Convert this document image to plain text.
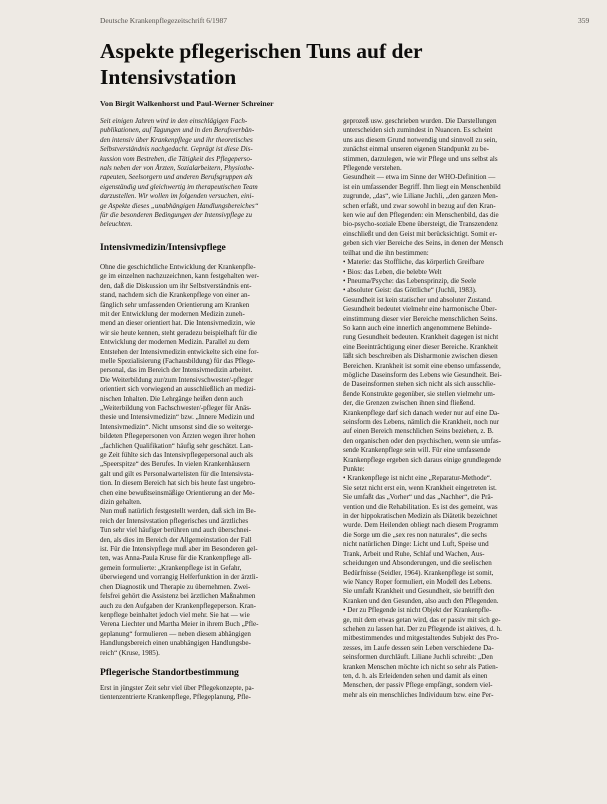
Deutsche Krankenpflegezeitschrift 6/1987	359
Aspekte pflegerischen Tuns auf der
Intensivstation
Von Birgit Walkenhorst und Paul-Werner Schreiner

Seit einigen Jahren wird in den einschlägigen Fach-
publikationen, auf Tagungen und in den Berufsverbän-
den intensiv über Krankenpflege und ihr theoretisches
Selbstverständnis nachgedacht. Geprägt ist diese Dis-
kussion vom Bestreben, die Tätigkeit des Pflegeperso-
nals neben der von Ärzten, Sozialarbeitern, Physiothe-
rapeuten, Seelsorgern und anderen Berufsgruppen als
eigenständig und gleichwertig im therapeutischen Team
darzustellen. Wir wollen im folgenden versuchen, eini-
ge Aspekte dieses „unabhängigen Handlungsbereiches“
für die besonderen Bedingungen der Intensivpflege zu
beleuchten.

Intensivmedizin/Intensivpflege

Ohne die geschichtliche Entwicklung der Krankenpfle-
ge im einzelnen nachzuzeichnen, kann festgehalten wer-
den, daß die Diskussion um ihr Selbstverständnis ent-
stand, nachdem sich die Krankenpflege von einer an-
fänglich sehr umfassenden Orientierung am Kranken
mit der Entwicklung der modernen Medizin zuneh-
mend an dieser orientiert hat. Die Intensivmedizin, wie
wir sie heute kennen, steht geradezu beispielhaft für die
Entwicklung der modernen Medizin. Parallel zu dem
Entstehen der Intensivmedizin entwickelte sich eine for-
melle Spezialisierung (Fachausbildung) für das Pflege-
personal, das im Bereich der Intensivmedizin arbeitet.
Die Weiterbildung zur/zum Intensivschwester/-pfleger
orientiert sich vorwiegend an ausschließlich an medizi-
nischen Inhalten. Die Lehrgänge heißen denn auch
„Weiterbildung von Fachschwester/-pfleger für Anäs-
thesie und Intensivmedizin“ bzw. „Innere Medizin und
Intensivmedizin“. Nicht umsonst sind die so weiterge-
bildeten Pflegepersonen von Ärzten wegen ihrer hohen
„fachlichen Qualifikation“ häufig sehr geschätzt. Lan-
ge Zeit fühlte sich das Intensivpflegepersonal auch als
„Speerspitze“ des Berufes. In vielen Krankenhäusern
galt und gilt es Personalwartelisten für die Intensivsta-
tion. In diesem Bereich hat sich bis heute fast ungebro-
chen eine bewußtseinsmäßige Orientierung an der Me-
dizin gehalten.
Nun muß natürlich festgestellt werden, daß sich im Be-
reich der Intensivstation pflegerisches und ärztliches
Tun sehr viel häufiger berühren und auch überschnei-
den, als dies im Bereich der Allgemeinstation der Fall
ist. Für die Intensivpflege muß aber im Besonderen gel-
ten, was Anna-Paula Kruse für die Krankenpflege all-
gemein formulierte: „Krankenpflege ist in Gefahr,
überwiegend und vorrangig Helferfunktion in der ärztli-
chen Diagnostik und Therapie zu übernehmen. Zwei-
felsfrei gehört die Assistenz bei ärztlichen Maßnahmen
auch zu den Aufgaben der Krankenpflegeperson. Kran-
kenpflege beinhaltet jedoch viel mehr. Sie hat — wie
Verena Liechter und Martha Meier in ihrem Buch „Pfle-
geplanung“ formulieren — neben diesem abhängigen
Handlungsbereich einen unabhängigen Handlungsbe-
reich“ (Kruse, 1985).

Pflegerische Standortbestimmung

Erst in jüngster Zeit sehr viel über Pflegekonzepte, pa-
tientenzentrierte Krankenpflege, Pflegeplanung, Pfle-

geprozeß usw. geschrieben wurden. Die Darstellungen
unterscheiden sich zumindest in Nuancen. Es scheint
uns aus diesem Grund notwendig und sinnvoll zu sein,
zunächst einmal unseren eigenen Standpunkt zu be-
stimmen, darzulegen, wie wir Pflege und uns selbst als
Pflegende verstehen.
Gesundheit — etwa im Sinne der WHO-Definition —
ist ein umfassender Begriff. Ihm liegt ein Menschenbild
zugrunde, „das“, wie Liliane Juchli, „den ganzen Men-
schen erfaßt, und zwar sowohl in bezug auf den Kran-
ken wie auf den Pflegenden: ein Menschenbild, das die
bio-psycho-soziale Ebene übersteigt, die Transzendenz
einschließt und den Geist mit berücksichtigt. Somit er-
geben sich vier Bereiche des Seins, in denen der Mensch
teilhat und die ihn bestimmen:
• Materie: das Stoffliche, das körperlich Greifbare
• Bios: das Leben, die belebte Welt
• Pneuma/Psyche: das Lebensprinzip, die Seele
• absoluter Geist: das Göttliche“ (Juchli, 1983).
Gesundheit ist kein statischer und absoluter Zustand.
Gesundheit bedeutet vielmehr eine harmonische Über-
einstimmung dieser vier Bereiche menschlichen Seins.
So kann auch eine innerlich angenommene Behinde-
rung Gesundheit bedeuten. Krankheit dagegen ist nicht
eine Beeinträchtigung einer dieser Bereiche. Krankheit
läßt sich beschreiben als Disharmonie zwischen diesen
Bereichen. Krankheit ist somit eine ebenso umfassende,
mögliche Daseinsform des Lebens wie Gesundheit. Bei-
de Daseinsformen stehen sich nicht als sich ausschlie-
ßende Konstrukte gegenüber, sie stellen vielmehr um-
der, die Grenzen zwischen ihnen sind fließend.
Krankenpflege darf sich danach weder nur auf eine Da-
seinsform des Lebens, nämlich die Krankheit, noch nur
auf einen Bereich menschlichen Seins beziehen, z. B.
den organischen oder den psychischen, wenn sie umfas-
sende Krankenpflege sein will. Für eine umfassende
Krankenpflege ergeben sich daraus einige grundlegende
Punkte:
• Krankenpflege ist nicht eine „Reparatur-Methode“.
Sie setzt nicht erst ein, wenn Krankheit eingetreten ist.
Sie umfaßt das „Vorher“ und das „Nachher“, die Prä-
vention und die Rehabilitation. Es ist des gemeint, was
in der hippokratischen Medizin als Diätetik bezeichnet
wurde. Dem Heilenden obliegt nach diesem Programm
die Sorge um die „sex res non naturales“, die sechs
nicht natürlichen Dinge: Licht und Luft, Speise und
Trank, Arbeit und Ruhe, Schlaf und Wachen, Aus-
scheidungen und Absonderungen, und die seelischen
Bedürfnisse (Seidler, 1964). Krankenpflege ist somit,
wie Nancy Roper formuliert, ein Modell des Lebens.
Sie umfaßt Krankheit und Gesundheit, sie betrifft den
Kranken und den Gesunden, also auch den Pflegenden.
• Der zu Pflegende ist nicht Objekt der Krankenpfle-
ge, mit dem etwas getan wird, das er passiv mit sich ge-
schehen zu lassen hat. Der zu Pflegende ist aktives, d. h.
mitbestimmendes und mitgestaltendes Subjekt des Pro-
zesses, im Laufe dessen sein Leben verschiedene Da-
seinsformen durchläuft. Liliane Juchli schreibt: „Den
kranken Menschen möchte ich nicht so sehr als Patien-
ten, d. h. als Erleidenden sehen und damit als einen
Menschen, der passiv Pflege empfängt, sondern viel-
mehr als ein menschliches Individuum bzw. eine Per-
